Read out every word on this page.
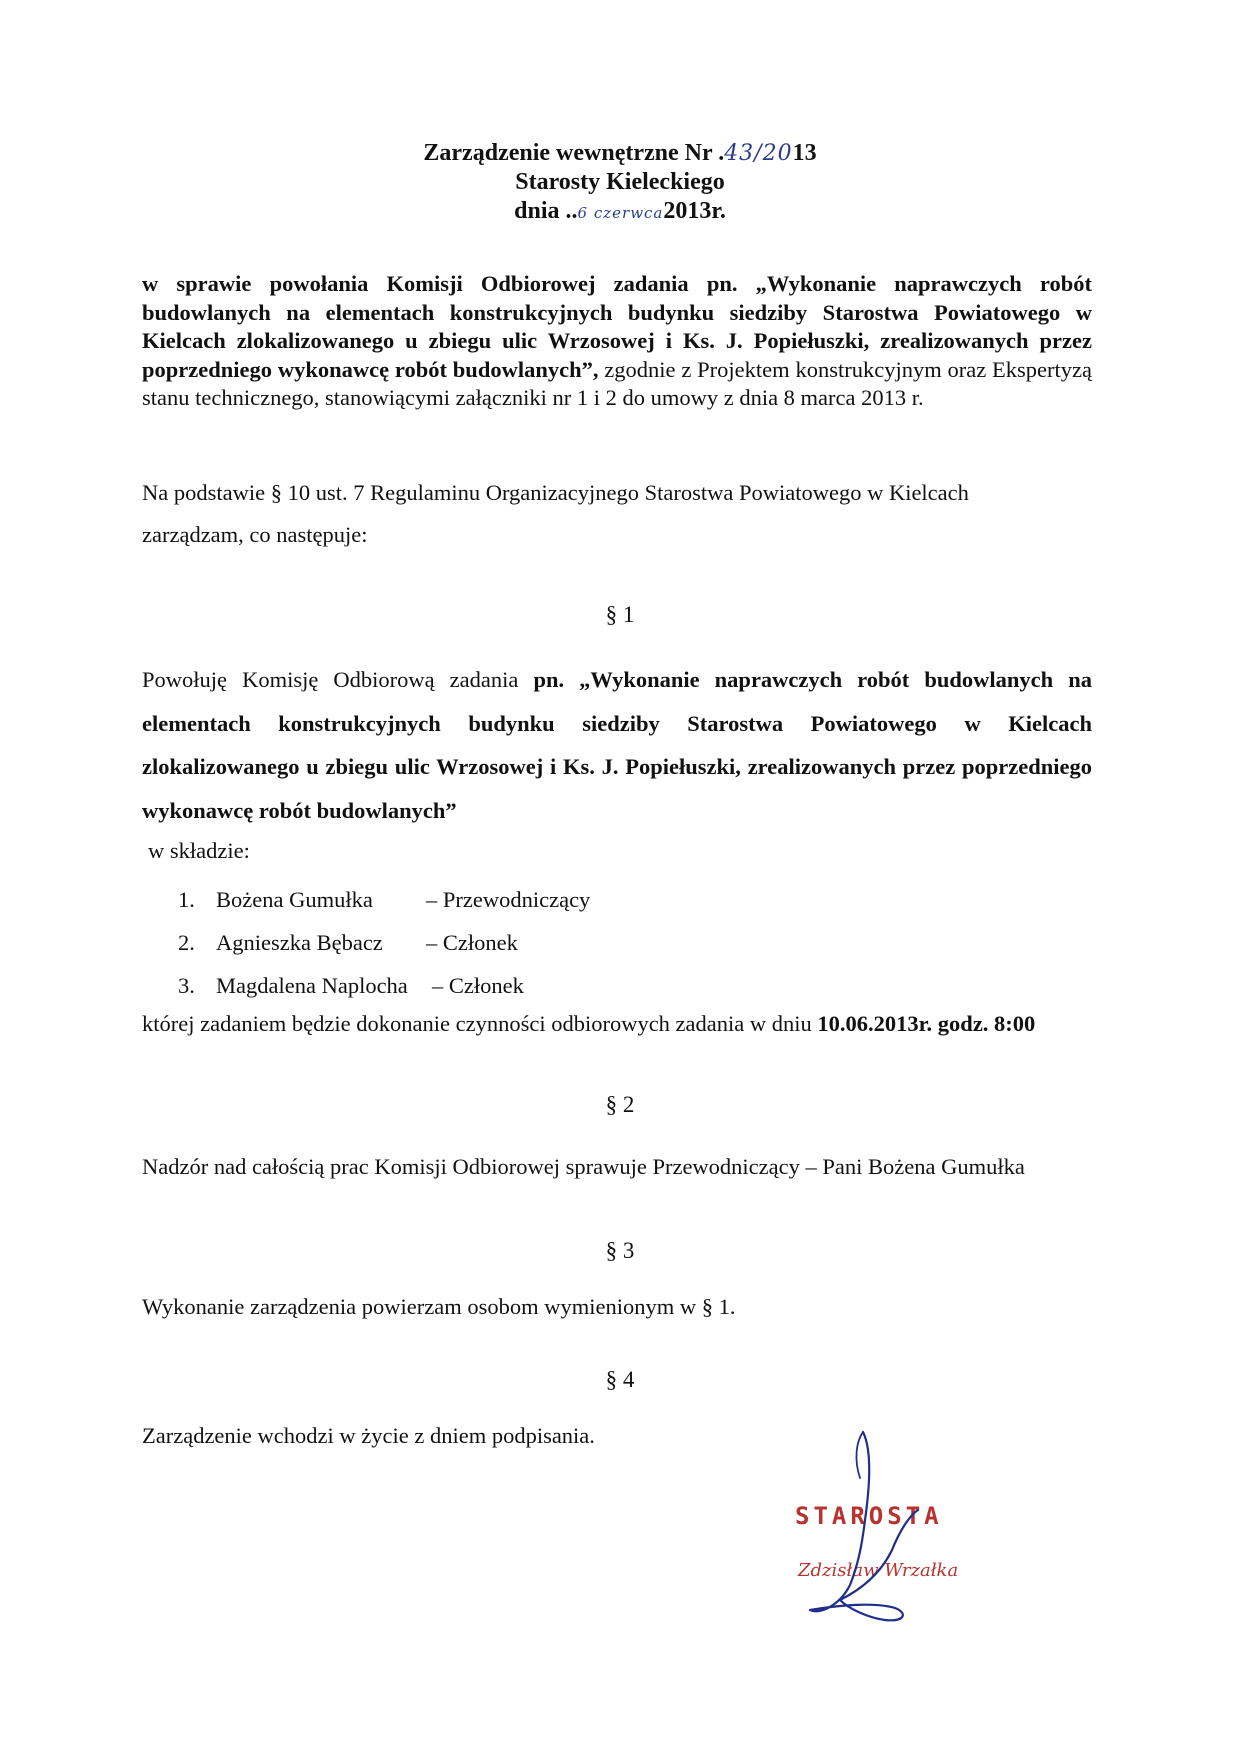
Zarządzenie wewnętrzne Nr .43/2013
Starosty Kieleckiego
dnia ..6 czerwca2013r.
w sprawie powołania Komisji Odbiorowej zadania pn. „Wykonanie naprawczych robót budowlanych na elementach konstrukcyjnych budynku siedziby Starostwa Powiatowego w Kielcach zlokalizowanego u zbiegu ulic Wrzosowej i Ks. J. Popiełuszki, zrealizowanych przez poprzedniego wykonawcę robót budowlanych”, zgodnie z Projektem konstrukcyjnym oraz Ekspertyzą stanu technicznego, stanowiącymi załączniki nr 1 i 2 do umowy z dnia 8 marca 2013 r.
Na podstawie § 10 ust. 7 Regulaminu Organizacyjnego Starostwa Powiatowego w Kielcach
zarządzam, co następuje:
§ 1
Powołuję Komisję Odbiorową zadania pn. „Wykonanie naprawczych robót budowlanych na elementach konstrukcyjnych budynku siedziby Starostwa Powiatowego w Kielcach zlokalizowanego u zbiegu ulic Wrzosowej i Ks. J. Popiełuszki, zrealizowanych przez poprzedniego wykonawcę robót budowlanych”
w składzie:
1. Bożena Gumułka – Przewodniczący
2. Agnieszka Bębacz – Członek
3. Magdalena Naplocha – Członek
której zadaniem będzie dokonanie czynności odbiorowych zadania w dniu 10.06.2013r. godz. 8:00
§ 2
Nadzór nad całością prac Komisji Odbiorowej sprawuje Przewodniczący – Pani Bożena Gumułka
§ 3
Wykonanie zarządzenia powierzam osobom wymienionym w § 1.
§ 4
Zarządzenie wchodzi w życie z dniem podpisania.
STAROSTA
Zdzisław Wrzałka
